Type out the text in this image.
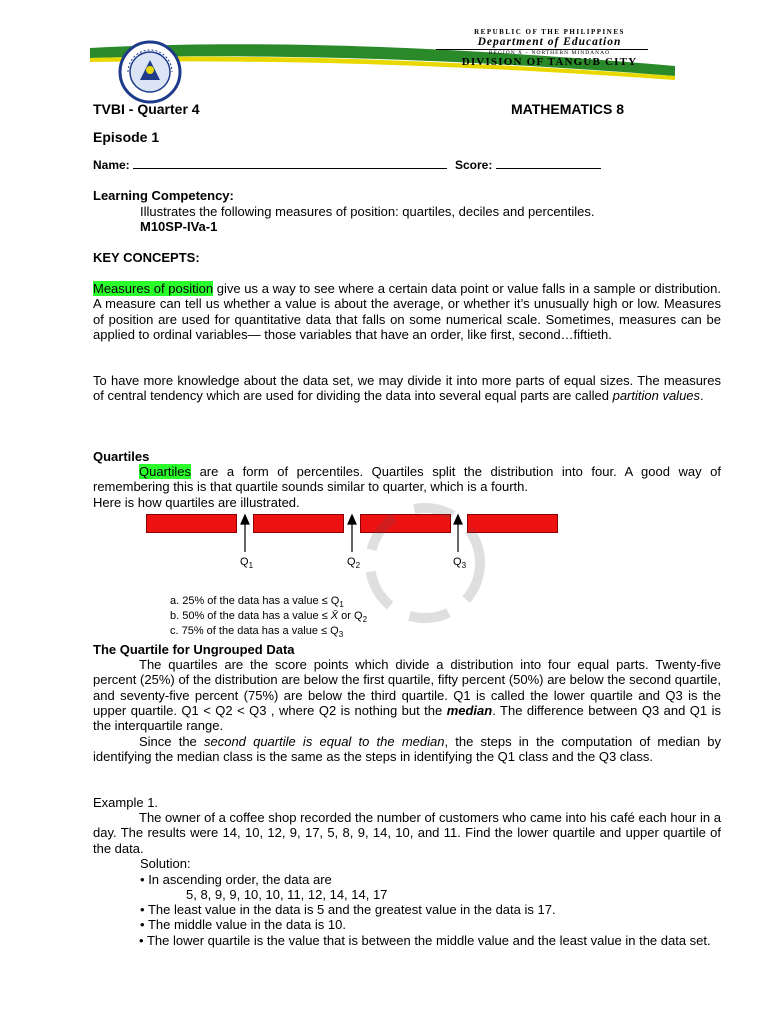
REPUBLIC OF THE PHILIPPINES
Department of Education
REGION X – NORTHERN MINDANAO
DIVISION OF TANGUB CITY
TVBI - Quarter 4	MATHEMATICS 8
Episode 1
Name:	Score:
Learning Competency:
Illustrates the following measures of position: quartiles, deciles and percentiles.
M10SP-IVa-1
KEY CONCEPTS:
Measures of position give us a way to see where a certain data point or value falls in a sample or distribution. A measure can tell us whether a value is about the average, or whether it’s unusually high or low. Measures of position are used for quantitative data that falls on some numerical scale. Sometimes, measures can be applied to ordinal variables— those variables that have an order, like first, second…fiftieth.
To have more knowledge about the data set, we may divide it into more parts of equal sizes. The measures of central tendency which are used for dividing the data into several equal parts are called partition values.
Quartiles
Quartiles are a form of percentiles. Quartiles split the distribution into four. A good way of remembering this is that quartile sounds similar to quarter, which is a fourth.
Here is how quartiles are illustrated.
$Q_1$	$Q_2$	$Q_3$
a. 25% of the data has a value ≤ $Q_1$
b. 50% of the data has a value ≤ X̄ or $Q_2$
c. 75% of the data has a value ≤ $Q_3$
The Quartile for Ungrouped Data
The quartiles are the score points which divide a distribution into four equal parts. Twenty-five percent (25%) of the distribution are below the first quartile, fifty percent (50%) are below the second quartile, and seventy-five percent (75%) are below the third quartile. Q1 is called the lower quartile and Q3 is the upper quartile. Q1 < Q2 < Q3 , where Q2 is nothing but the median. The difference between Q3 and Q1 is the interquartile range.
Since the second quartile is equal to the median, the steps in the computation of median by identifying the median class is the same as the steps in identifying the Q1 class and the Q3 class.
Example 1.
The owner of a coffee shop recorded the number of customers who came into his café each hour in a day. The results were 14, 10, 12, 9, 17, 5, 8, 9, 14, 10, and 11. Find the lower quartile and upper quartile of the data.
Solution:
• In ascending order, the data are
5, 8, 9, 9, 10, 10, 11, 12, 14, 14, 17
• The least value in the data is 5 and the greatest value in the data is 17.
• The middle value in the data is 10.
• The lower quartile is the value that is between the middle value and the least value in the data set.
